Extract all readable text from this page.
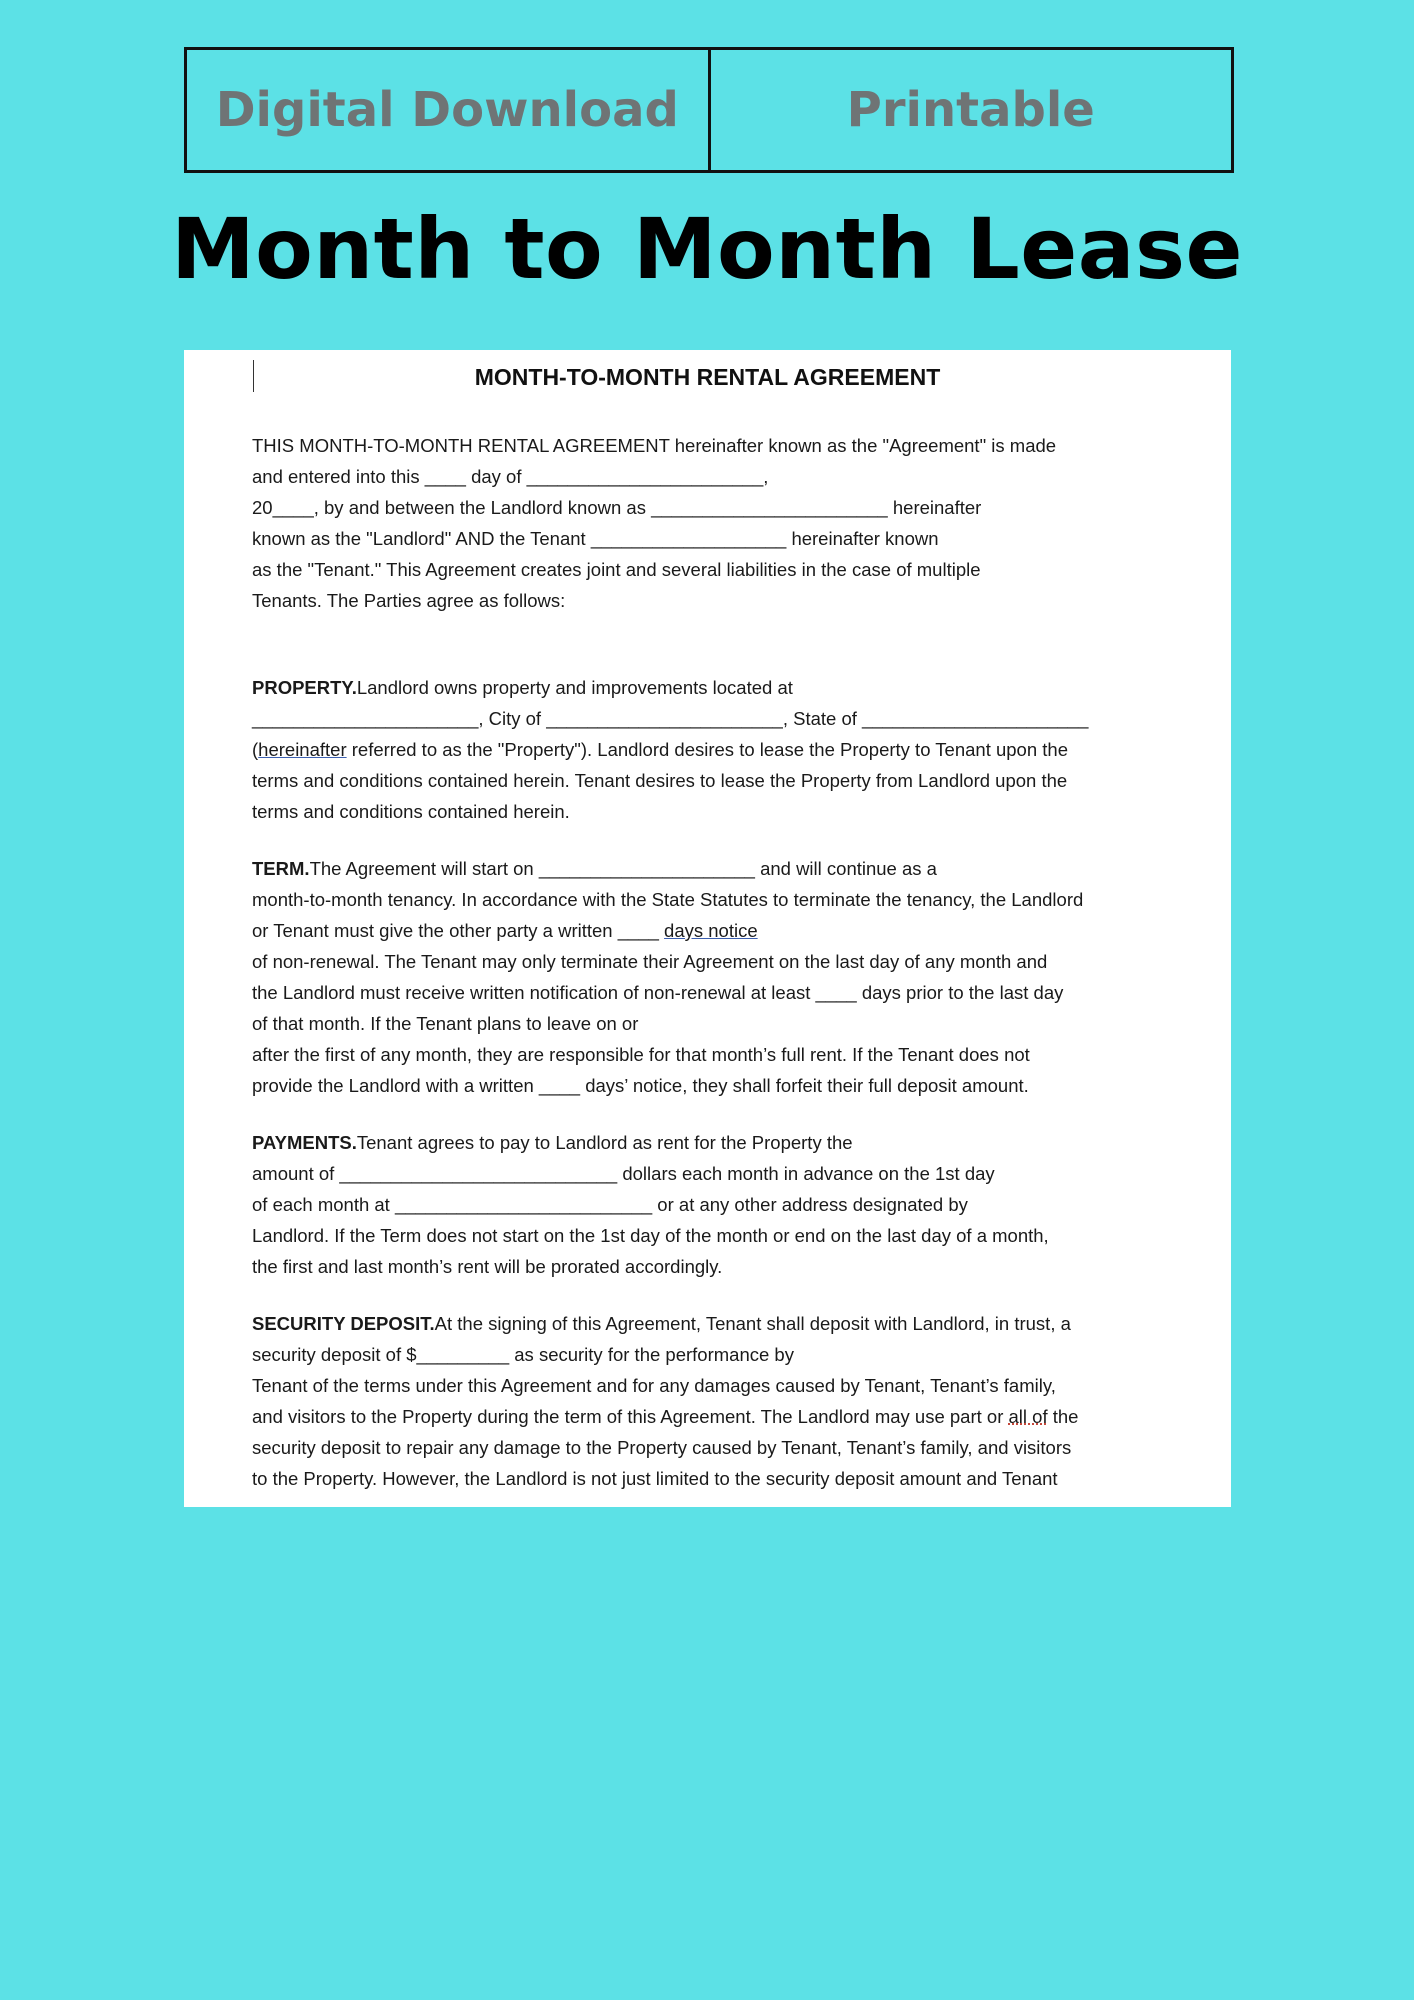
Digital Download	Printable
Month to Month Lease
MONTH-TO-MONTH RENTAL AGREEMENT
THIS MONTH-TO-MONTH RENTAL AGREEMENT hereinafter known as the "Agreement" is made
and entered into this ____ day of _______________________,
20____, by and between the Landlord known as _______________________ hereinafter
known as the "Landlord" AND the Tenant ___________________ hereinafter known
as the "Tenant." This Agreement creates joint and several liabilities in the case of multiple
Tenants. The Parties agree as follows:
PROPERTY.Landlord owns property and improvements located at
______________________, City of _______________________, State of ______________________
(hereinafter referred to as the "Property"). Landlord desires to lease the Property to Tenant upon the
terms and conditions contained herein. Tenant desires to lease the Property from Landlord upon the
terms and conditions contained herein.
TERM.The Agreement will start on _____________________ and will continue as a
month-to-month tenancy. In accordance with the State Statutes to terminate the tenancy, the Landlord
or Tenant must give the other party a written ____ days notice
of non-renewal. The Tenant may only terminate their Agreement on the last day of any month and
the Landlord must receive written notification of non-renewal at least ____ days prior to the last day
of that month. If the Tenant plans to leave on or
after the first of any month, they are responsible for that month’s full rent. If the Tenant does not
provide the Landlord with a written ____ days’ notice, they shall forfeit their full deposit amount.
PAYMENTS.Tenant agrees to pay to Landlord as rent for the Property the
amount of ___________________________ dollars each month in advance on the 1st day
of each month at _________________________ or at any other address designated by
Landlord. If the Term does not start on the 1st day of the month or end on the last day of a month,
the first and last month’s rent will be prorated accordingly.
SECURITY DEPOSIT.At the signing of this Agreement, Tenant shall deposit with Landlord, in trust, a
security deposit of $_________ as security for the performance by
Tenant of the terms under this Agreement and for any damages caused by Tenant, Tenant’s family,
and visitors to the Property during the term of this Agreement. The Landlord may use part or all of the
security deposit to repair any damage to the Property caused by Tenant, Tenant’s family, and visitors
to the Property. However, the Landlord is not just limited to the security deposit amount and Tenant
